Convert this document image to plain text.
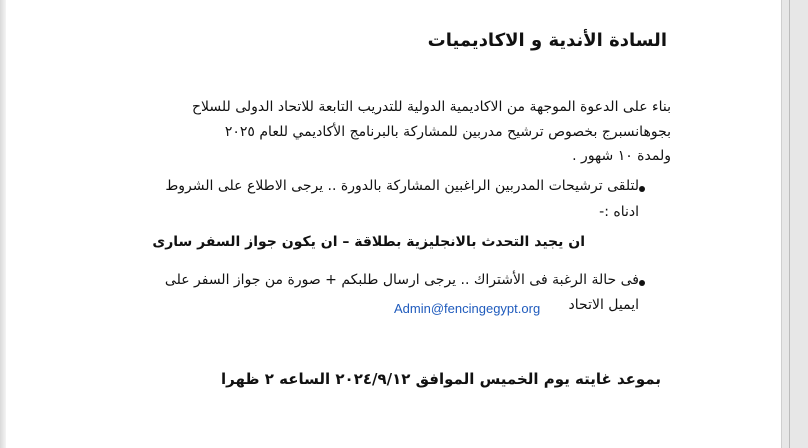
السادة الأندية و الاكاديميات
بناء على الدعوة الموجهة من الاكاديمية الدولية للتدريب التابعة للاتحاد الدولى للسلاح
بجوهانسبرج بخصوص ترشيح مدربين للمشاركة بالبرنامج الأكاديمي للعام ٢٠٢٥
ولمدة ١٠ شهور .
لتلقى ترشيحات المدربين الراغبين المشاركة بالدورة .. يرجى الاطلاع على الشروط
ادناه :-
ان يجيد التحدث بالانجليزية بطلاقة – ان يكون جواز السفر سارى
فى حالة الرغبة فى الأشتراك .. يرجى ارسال طلبكم + صورة من جواز السفر على
ايميل الاتحاد
Admin@fencingegypt.org
بموعد غايته يوم الخميس الموافق ٢٠٢٤/٩/١٢ الساعه ٢ ظهرا
